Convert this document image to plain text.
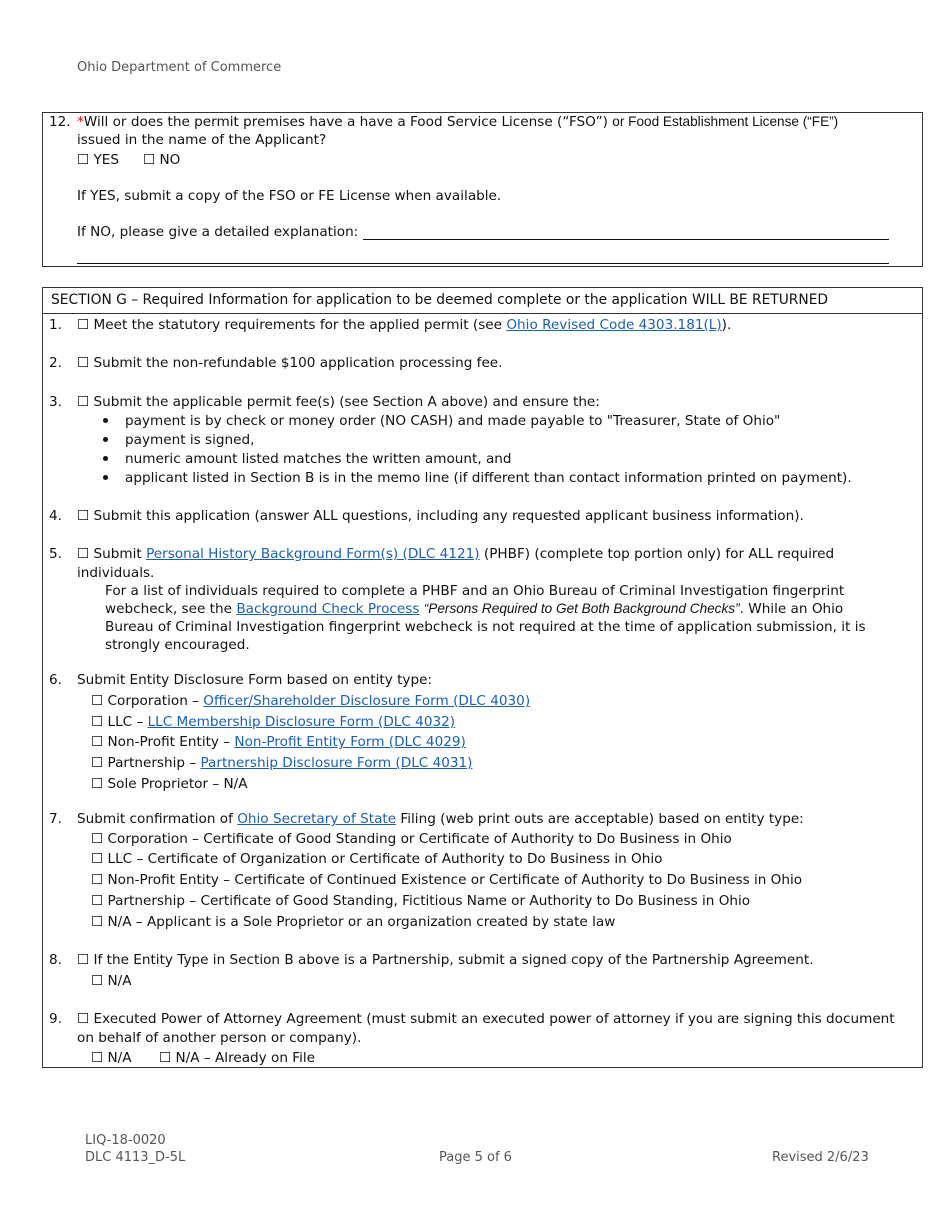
Ohio Department of Commerce
12. *Will or does the permit premises have a have a Food Service License (“FSO”) or Food Establishment License (“FE”)
issued in the name of the Applicant?
☐ YES ☐ NO
If YES, submit a copy of the FSO or FE License when available.
If NO, please give a detailed explanation:
SECTION G – Required Information for application to be deemed complete or the application WILL BE RETURNED
1. ☐ Meet the statutory requirements for the applied permit (see Ohio Revised Code 4303.181(L)).
2. ☐ Submit the non-refundable $100 application processing fee.
3. ☐ Submit the applicable permit fee(s) (see Section A above) and ensure the:
payment is by check or money order (NO CASH) and made payable to "Treasurer, State of Ohio"
payment is signed,
numeric amount listed matches the written amount, and
applicant listed in Section B is in the memo line (if different than contact information printed on payment).
4. ☐ Submit this application (answer ALL questions, including any requested applicant business information).
5. ☐ Submit Personal History Background Form(s) (DLC 4121) (PHBF) (complete top portion only) for ALL required
individuals.
For a list of individuals required to complete a PHBF and an Ohio Bureau of Criminal Investigation fingerprint
webcheck, see the Background Check Process “Persons Required to Get Both Background Checks”. While an Ohio
Bureau of Criminal Investigation fingerprint webcheck is not required at the time of application submission, it is
strongly encouraged.
6. Submit Entity Disclosure Form based on entity type:
☐ Corporation – Officer/Shareholder Disclosure Form (DLC 4030)
☐ LLC – LLC Membership Disclosure Form (DLC 4032)
☐ Non-Profit Entity – Non-Profit Entity Form (DLC 4029)
☐ Partnership – Partnership Disclosure Form (DLC 4031)
☐ Sole Proprietor – N/A
7. Submit confirmation of Ohio Secretary of State Filing (web print outs are acceptable) based on entity type:
☐ Corporation – Certificate of Good Standing or Certificate of Authority to Do Business in Ohio
☐ LLC – Certificate of Organization or Certificate of Authority to Do Business in Ohio
☐ Non-Profit Entity – Certificate of Continued Existence or Certificate of Authority to Do Business in Ohio
☐ Partnership – Certificate of Good Standing, Fictitious Name or Authority to Do Business in Ohio
☐ N/A – Applicant is a Sole Proprietor or an organization created by state law
8. ☐ If the Entity Type in Section B above is a Partnership, submit a signed copy of the Partnership Agreement.
☐ N/A
9. ☐ Executed Power of Attorney Agreement (must submit an executed power of attorney if you are signing this document
on behalf of another person or company).
☐ N/A ☐ N/A – Already on File
LIQ-18-0020
DLC 4113_D-5L	Page 5 of 6	Revised 2/6/23
